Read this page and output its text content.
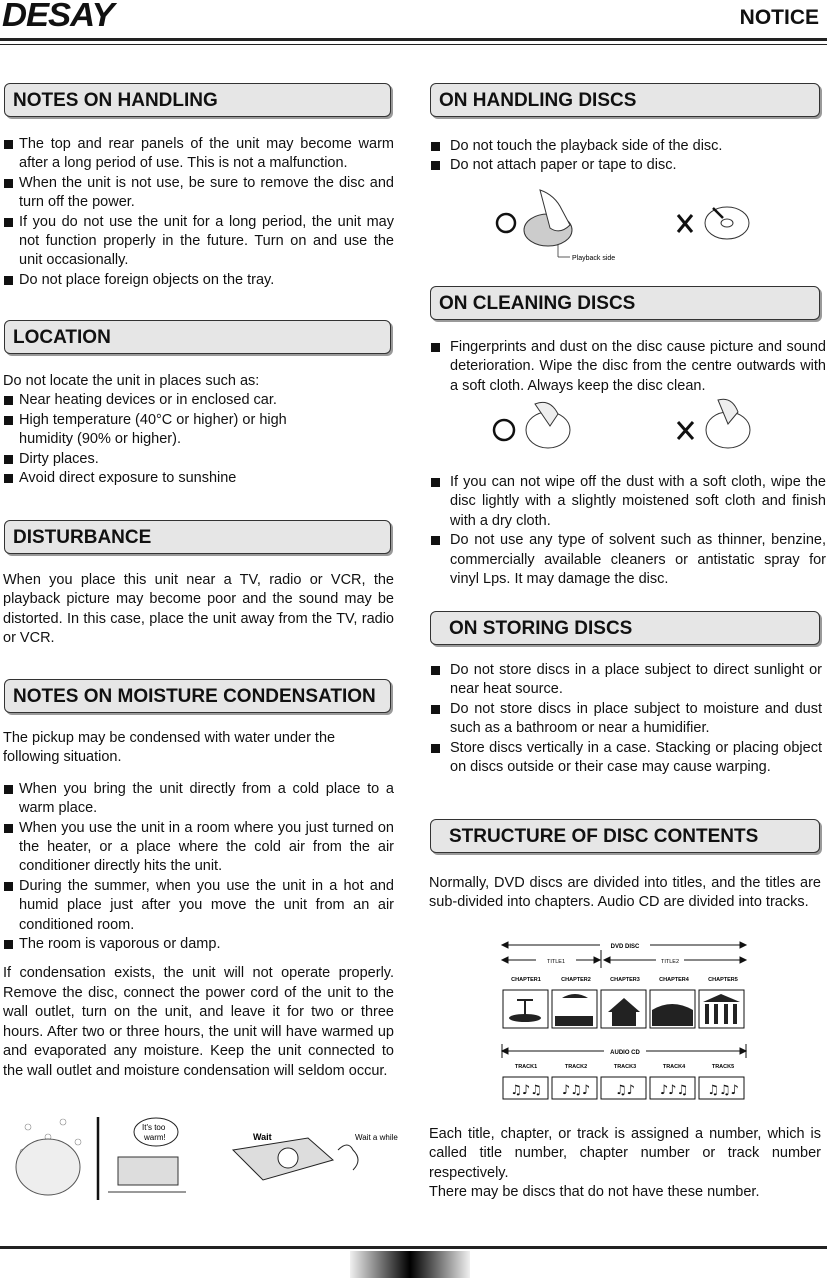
DESAY	NOTICE
NOTES ON HANDLING
The top and rear panels of the unit may become warm after a long period of use. This is not a malfunction.
When the unit is not use, be sure to remove the disc and turn off the power.
If you do not use the unit for a long period, the unit may not function properly in the future. Turn on and use the unit occasionally.
Do not place foreign objects on the tray.
LOCATION

Do not locate the unit in places such as:

Near heating devices or in enclosed car.
High temperature (40°C or higher) or high humidity (90% or higher).
Dirty places.
Avoid direct exposure to sunshine
DISTURBANCE

When you place this unit near a TV, radio or VCR, the playback picture may become poor and the sound may be distorted. In this case, place the unit away from the TV, radio or VCR.

NOTES ON MOISTURE CONDENSATION

The pickup may be condensed with water under the following situation.

When you bring the unit directly from a cold place to a warm place.
When you use the unit in a room where you just turned on the heater, or a place where the cold air from the air conditioner directly hits the unit.
During the summer, when you use the unit in a hot and humid place just after you move the unit from an air conditioned room.
The room is vaporous or damp.

If condensation exists, the unit will not operate properly. Remove the disc, connect the power cord of the unit to the wall outlet, turn on the unit, and leave it for two or three hours. After two or three hours, the unit will have warmed up and evaporated any moisture. Keep the unit connected to the wall outlet and moisture condensation will seldom occur.

It's too
warm!	Wait	Wait a while
ON HANDLING DISCS
Do not touch the playback side of the disc.
Do not attach paper or tape to disc.
Playback side
ON CLEANING DISCS
Fingerprints and dust on the disc cause picture and sound deterioration. Wipe the disc from the centre outwards with a soft cloth. Always keep the disc clean.
If you can not wipe off the dust with a soft cloth, wipe the disc lightly with a slightly moistened soft cloth and finish with a dry cloth.
Do not use any type of solvent such as thinner, benzine, commercially available cleaners or antistatic spray for vinyl Lps. It may damage the disc.
ON STORING DISCS
Do not store discs in a place subject to direct sunlight or near heat source.
Do not store discs in place subject to moisture and dust such as a bathroom or near a humidifier.
Store discs vertically in a case. Stacking or placing object on discs outside or their case may cause warping.
STRUCTURE OF DISC CONTENTS

Normally, DVD discs are divided into titles, and the titles are sub-divided into chapters. Audio CD are divided into tracks.

DVD DISC
TITLE1	TITLE2
CHAPTER1	CHAPTER2	CHAPTER3	CHAPTER4	CHAPTER5
AUDIO CD
TRACK1	TRACK2	TRACK3	TRACK4	TRACK5
♫♪♫ ♪♫♪ ♫♪ ♪♪♫ ♫♫♪

Each title, chapter, or track is assigned a number, which is called title number, chapter number or track number respectively.

There may be discs that do not have these number.
